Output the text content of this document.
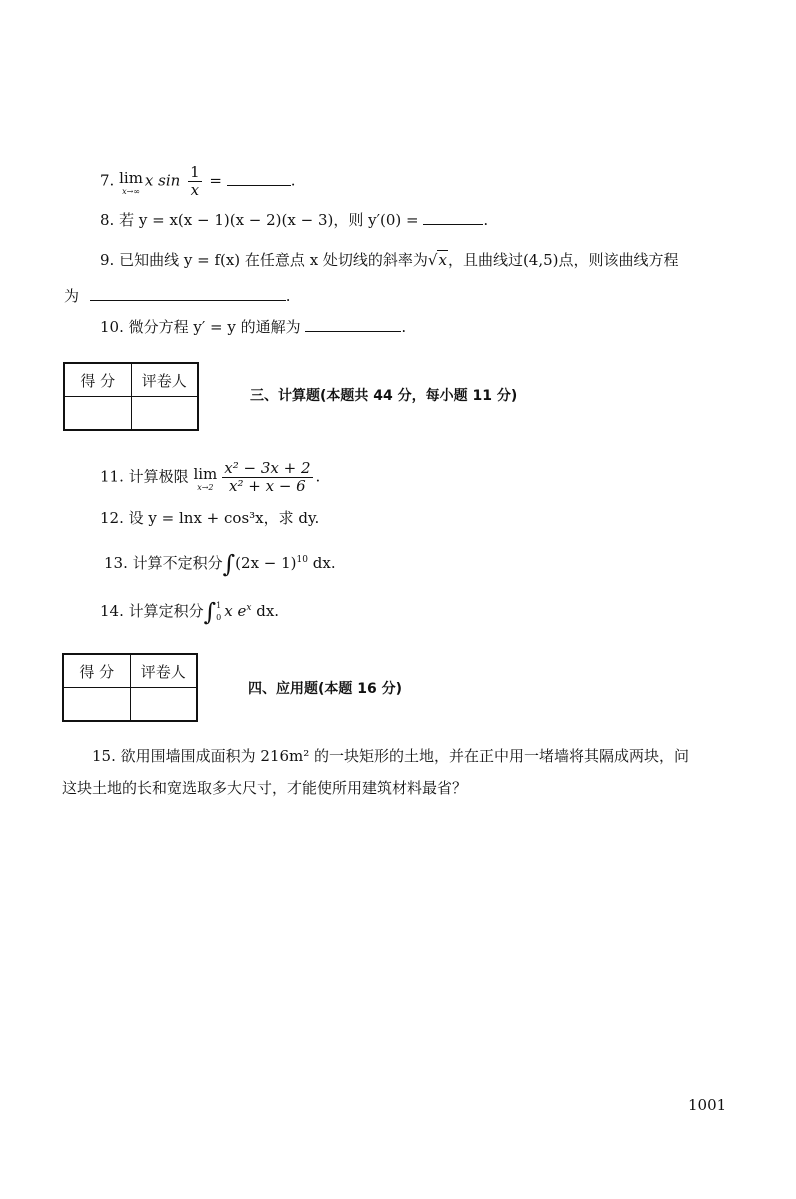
7. lim
x→∞
x $\sin \frac{1}{x}$ =	.
8. 若 y = x(x − 1)(x − 2)(x − 3)，则 y′(0) =	.
9. 已知曲线 y = f(x) 在任意点 x 处切线的斜率为√x，且曲线过(4,5)点，则该曲线方程
为	.
10. 微分方程 y′ = y 的通解为	.
得 分	评卷人

三、计算题(本题共 44 分，每小题 11 分)
11. 计算极限 lim
$x\to 2 \frac{\text{x² − 3x + 2}}{\text{x² + x − 6}}$ .
12. 设 y = lnx + cos³x，求 dy.
13. 计算不定积分$\int(2x - 1)^{10}$ dx.
14. 计算定积分∫ 1
0 x $e^x$ dx.
得 分	评卷人

四、应用题(本题 16 分)
15. 欲用围墙围成面积为 216m² 的一块矩形的土地，并在正中用一堵墙将其隔成两块，问
这块土地的长和宽选取多大尺寸，才能使所用建筑材料最省？
1001
